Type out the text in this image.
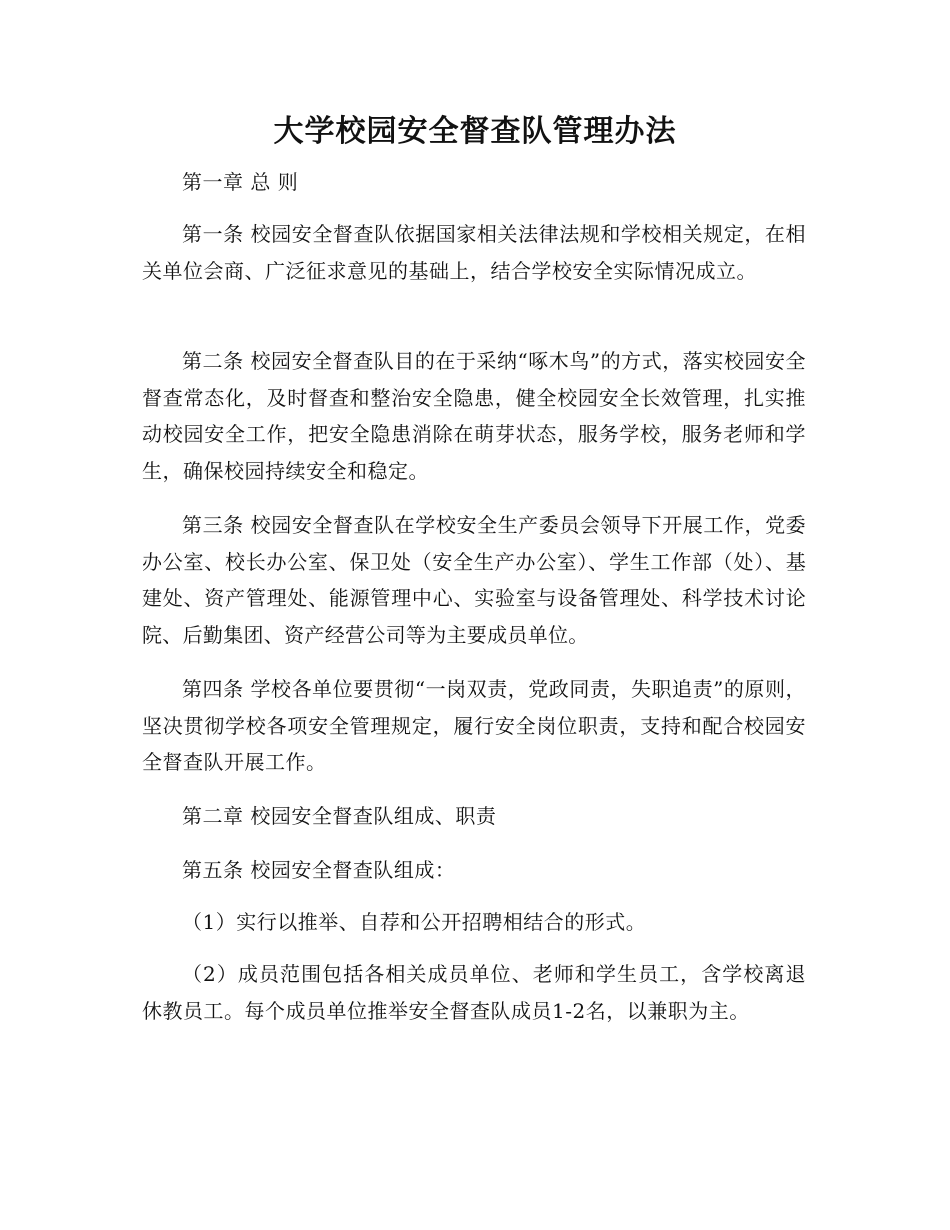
大学校园安全督查队管理办法

第一章 总 则

第一条 校园安全督查队依据国家相关法律法规和学校相关规定，在相关单位会商、广泛征求意见的基础上，结合学校安全实际情况成立。

第二条 校园安全督查队目的在于采纳“啄木鸟”的方式，落实校园安全督查常态化，及时督查和整治安全隐患，健全校园安全长效管理，扎实推动校园安全工作，把安全隐患消除在萌芽状态，服务学校，服务老师和学生，确保校园持续安全和稳定。

第三条 校园安全督查队在学校安全生产委员会领导下开展工作，党委办公室、校长办公室、保卫处（安全生产办公室）、学生工作部（处）、基建处、资产管理处、能源管理中心、实验室与设备管理处、科学技术讨论院、后勤集团、资产经营公司等为主要成员单位。

第四条 学校各单位要贯彻“一岗双责，党政同责，失职追责”的原则，坚决贯彻学校各项安全管理规定，履行安全岗位职责，支持和配合校园安全督查队开展工作。

第二章 校园安全督查队组成、职责

第五条 校园安全督查队组成：

（1）实行以推举、自荐和公开招聘相结合的形式。

（2）成员范围包括各相关成员单位、老师和学生员工，含学校离退休教员工。每个成员单位推举安全督查队成员1-2名，以兼职为主。
